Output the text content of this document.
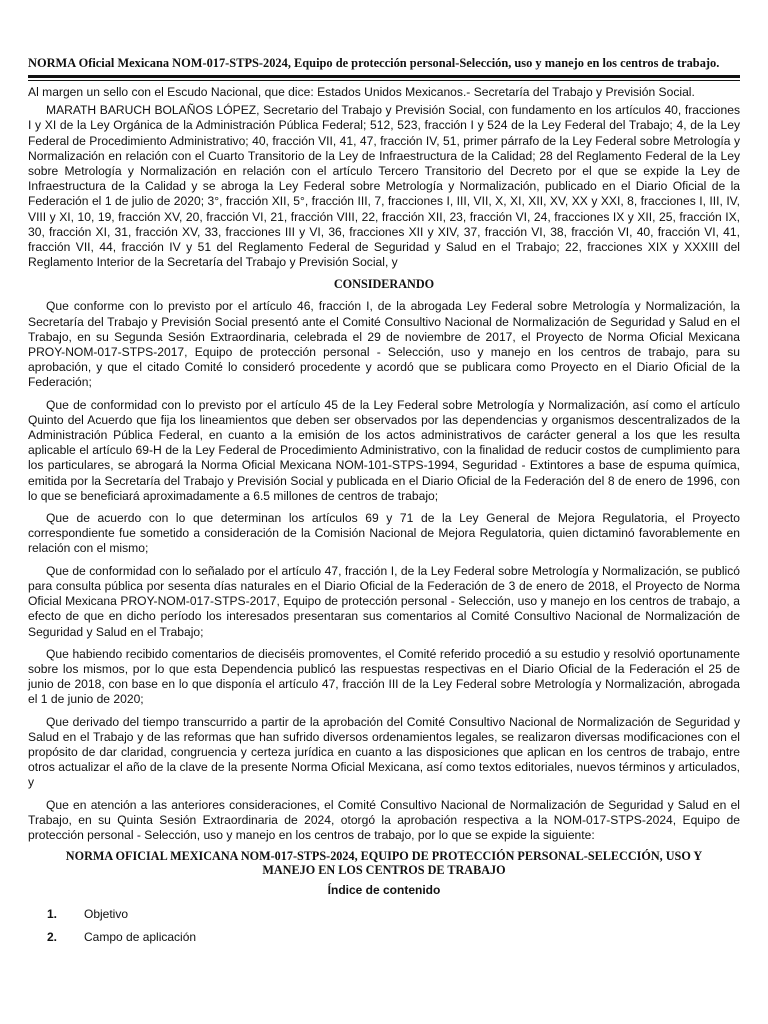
NORMA Oficial Mexicana NOM-017-STPS-2024, Equipo de protección personal-Selección, uso y manejo en los centros de trabajo.

Al margen un sello con el Escudo Nacional, que dice: Estados Unidos Mexicanos.- Secretaría del Trabajo y Previsión Social.

MARATH BARUCH BOLAÑOS LÓPEZ, Secretario del Trabajo y Previsión Social, con fundamento en los artículos 40, fracciones I y XI de la Ley Orgánica de la Administración Pública Federal; 512, 523, fracción I y 524 de la Ley Federal del Trabajo; 4, de la Ley Federal de Procedimiento Administrativo; 40, fracción VII, 41, 47, fracción IV, 51, primer párrafo de la Ley Federal sobre Metrología y Normalización en relación con el Cuarto Transitorio de la Ley de Infraestructura de la Calidad; 28 del Reglamento Federal de la Ley sobre Metrología y Normalización en relación con el artículo Tercero Transitorio del Decreto por el que se expide la Ley de Infraestructura de la Calidad y se abroga la Ley Federal sobre Metrología y Normalización, publicado en el Diario Oficial de la Federación el 1 de julio de 2020; 3°, fracción XII, 5°, fracción III, 7, fracciones I, III, VII, X, XI, XII, XV, XX y XXI, 8, fracciones I, III, IV, VIII y XI, 10, 19, fracción XV, 20, fracción VI, 21, fracción VIII, 22, fracción XII, 23, fracción VI, 24, fracciones IX y XII, 25, fracción IX, 30, fracción XI, 31, fracción XV, 33, fracciones III y VI, 36, fracciones XII y XIV, 37, fracción VI, 38, fracción VI, 40, fracción VI, 41, fracción VII, 44, fracción IV y 51 del Reglamento Federal de Seguridad y Salud en el Trabajo; 22, fracciones XIX y XXXIII del Reglamento Interior de la Secretaría del Trabajo y Previsión Social, y

CONSIDERANDO

Que conforme con lo previsto por el artículo 46, fracción I, de la abrogada Ley Federal sobre Metrología y Normalización, la Secretaría del Trabajo y Previsión Social presentó ante el Comité Consultivo Nacional de Normalización de Seguridad y Salud en el Trabajo, en su Segunda Sesión Extraordinaria, celebrada el 29 de noviembre de 2017, el Proyecto de Norma Oficial Mexicana PROY-NOM-017-STPS-2017, Equipo de protección personal - Selección, uso y manejo en los centros de trabajo, para su aprobación, y que el citado Comité lo consideró procedente y acordó que se publicara como Proyecto en el Diario Oficial de la Federación;

Que de conformidad con lo previsto por el artículo 45 de la Ley Federal sobre Metrología y Normalización, así como el artículo Quinto del Acuerdo que fija los lineamientos que deben ser observados por las dependencias y organismos descentralizados de la Administración Pública Federal, en cuanto a la emisión de los actos administrativos de carácter general a los que les resulta aplicable el artículo 69-H de la Ley Federal de Procedimiento Administrativo, con la finalidad de reducir costos de cumplimiento para los particulares, se abrogará la Norma Oficial Mexicana NOM-101-STPS-1994, Seguridad - Extintores a base de espuma química, emitida por la Secretaría del Trabajo y Previsión Social y publicada en el Diario Oficial de la Federación del 8 de enero de 1996, con lo que se beneficiará aproximadamente a 6.5 millones de centros de trabajo;

Que de acuerdo con lo que determinan los artículos 69 y 71 de la Ley General de Mejora Regulatoria, el Proyecto correspondiente fue sometido a consideración de la Comisión Nacional de Mejora Regulatoria, quien dictaminó favorablemente en relación con el mismo;

Que de conformidad con lo señalado por el artículo 47, fracción I, de la Ley Federal sobre Metrología y Normalización, se publicó para consulta pública por sesenta días naturales en el Diario Oficial de la Federación de 3 de enero de 2018, el Proyecto de Norma Oficial Mexicana PROY-NOM-017-STPS-2017, Equipo de protección personal - Selección, uso y manejo en los centros de trabajo, a efecto de que en dicho período los interesados presentaran sus comentarios al Comité Consultivo Nacional de Normalización de Seguridad y Salud en el Trabajo;

Que habiendo recibido comentarios de dieciséis promoventes, el Comité referido procedió a su estudio y resolvió oportunamente sobre los mismos, por lo que esta Dependencia publicó las respuestas respectivas en el Diario Oficial de la Federación el 25 de junio de 2018, con base en lo que disponía el artículo 47, fracción III de la Ley Federal sobre Metrología y Normalización, abrogada el 1 de junio de 2020;

Que derivado del tiempo transcurrido a partir de la aprobación del Comité Consultivo Nacional de Normalización de Seguridad y Salud en el Trabajo y de las reformas que han sufrido diversos ordenamientos legales, se realizaron diversas modificaciones con el propósito de dar claridad, congruencia y certeza jurídica en cuanto a las disposiciones que aplican en los centros de trabajo, entre otros actualizar el año de la clave de la presente Norma Oficial Mexicana, así como textos editoriales, nuevos términos y articulados, y

Que en atención a las anteriores consideraciones, el Comité Consultivo Nacional de Normalización de Seguridad y Salud en el Trabajo, en su Quinta Sesión Extraordinaria de 2024, otorgó la aprobación respectiva a la NOM-017-STPS-2024, Equipo de protección personal - Selección, uso y manejo en los centros de trabajo, por lo que se expide la siguiente:

NORMA OFICIAL MEXICANA NOM-017-STPS-2024, EQUIPO DE PROTECCIÓN PERSONAL-SELECCIÓN, USO Y MANEJO EN LOS CENTROS DE TRABAJO
Índice de contenido
1.	Objetivo
2.	Campo de aplicación
